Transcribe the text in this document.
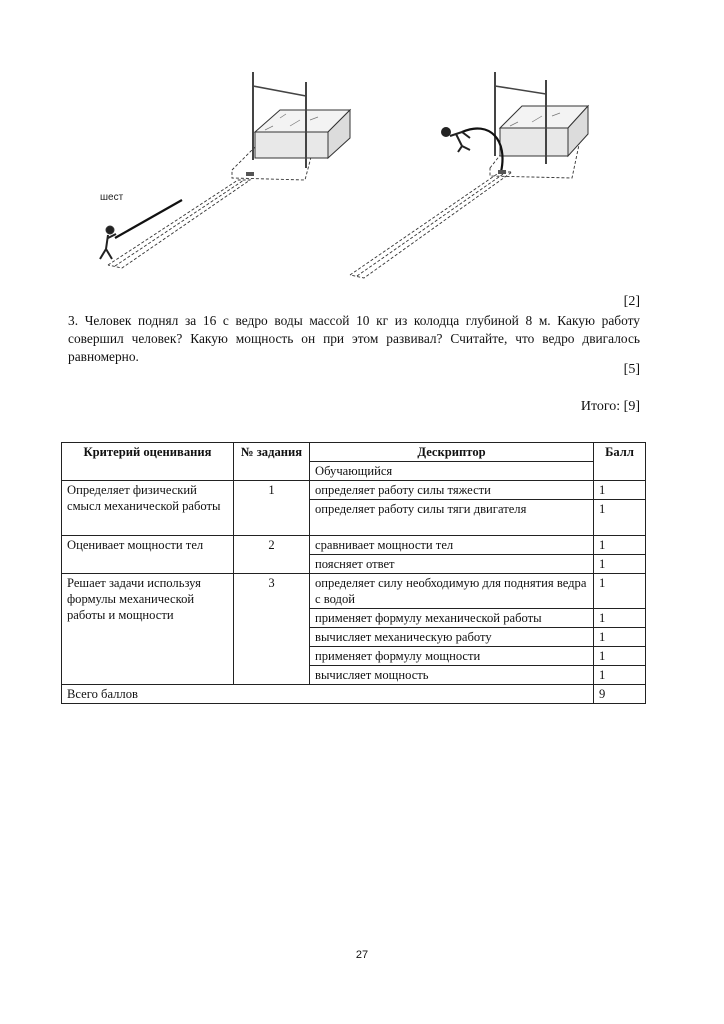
шест
[2]
3. Человек поднял за 16 с ведро воды массой 10 кг из колодца глубиной 8 м. Какую работу совершил человек? Какую мощность он при этом развивал? Считайте, что ведро двигалось равномерно.
[5]
Итого: [9]
Критерий оценивания	№ задания	Дескриптор	Балл
		Обучающийся	
Определяет физический смысл механической работы	1	определяет работу силы тяжести	1
		определяет работу силы тяги двигателя	1
Оценивает мощности тел	2	сравнивает мощности тел	1
		поясняет ответ	1
Решает задачи используя формулы механической работы и мощности	3	определяет силу необходимую для поднятия ведра с водой	1
		применяет формулу механической работы	1
		вычисляет механическую работу	1
		применяет формулу мощности	1
		вычисляет мощность	1
Всего баллов			9
27
